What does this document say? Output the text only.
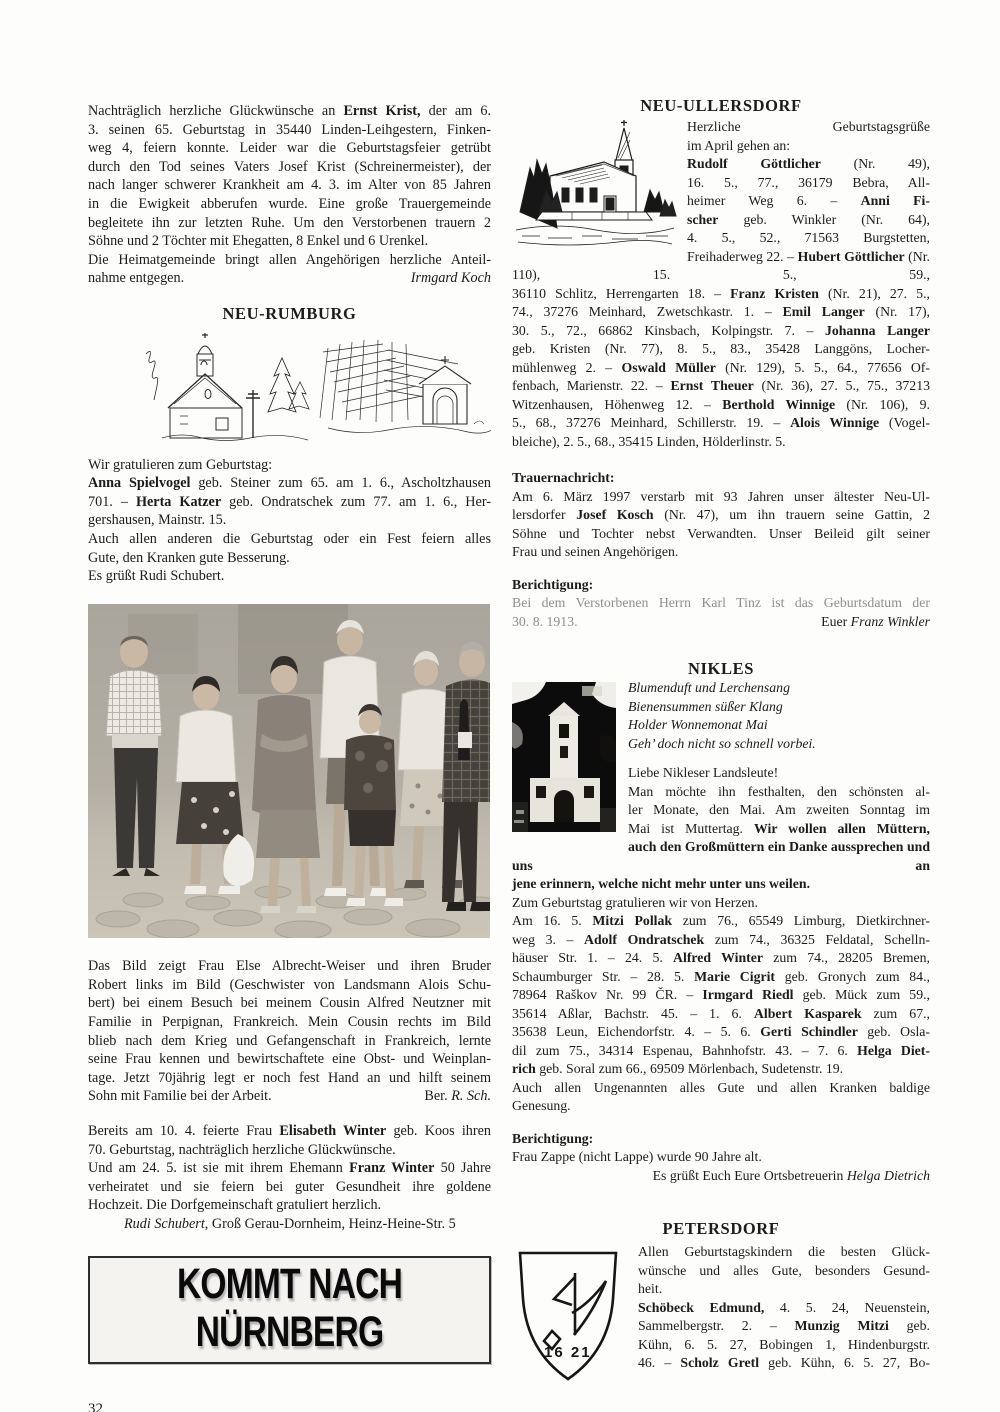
Nachträglich herzliche Glückwünsche an Ernst Krist, der am 6.
3. seinen 65. Geburtstag in 35440 Linden-Leihgestern, Finken-
weg 4, feiern konnte. Leider war die Geburtstagsfeier getrübt
durch den Tod seines Vaters Josef Krist (Schreinermeister), der
nach langer schwerer Krankheit am 4. 3. im Alter von 85 Jahren
in die Ewigkeit abberufen wurde. Eine große Trauergemeinde
begleitete ihn zur letzten Ruhe. Um den Verstorbenen trauern 2
Söhne und 2 Töchter mit Ehegatten, 8 Enkel und 6 Urenkel.
Die Heimatgemeinde bringt allen Angehörigen herzliche Anteil-
nahme entgegen.	Irmgard Koch
NEU-RUMBURG
Wir gratulieren zum Geburtstag:
Anna Spielvogel geb. Steiner zum 65. am 1. 6., Ascholtzhausen
701. – Herta Katzer geb. Ondratschek zum 77. am 1. 6., Her-
gershausen, Mainstr. 15.
Auch allen anderen die Geburtstag oder ein Fest feiern alles
Gute, den Kranken gute Besserung.
Es grüßt Rudi Schubert.
Das Bild zeigt Frau Else Albrecht-Weiser und ihren Bruder
Robert links im Bild (Geschwister von Landsmann Alois Schu-
bert) bei einem Besuch bei meinem Cousin Alfred Neutzner mit
Familie in Perpignan, Frankreich. Mein Cousin rechts im Bild
blieb nach dem Krieg und Gefangenschaft in Frankreich, lernte
seine Frau kennen und bewirtschaftete eine Obst- und Weinplan-
tage. Jetzt 70jährig legt er noch fest Hand an und hilft seinem
Sohn mit Familie bei der Arbeit.	Ber. R. Sch.
Bereits am 10. 4. feierte Frau Elisabeth Winter geb. Koos ihren
70. Geburtstag, nachträglich herzliche Glückwünsche.
Und am 24. 5. ist sie mit ihrem Ehemann Franz Winter 50 Jahre
verheiratet und sie feiern bei guter Gesundheit ihre goldene
Hochzeit. Die Dorfgemeinschaft gratuliert herzlich.
Rudi Schubert, Groß Gerau-Dornheim, Heinz-Heine-Str. 5
KOMMT NACH NÜRNBERG
32
NEU-ULLERSDORF
Herzliche Geburtstagsgrüße
im April gehen an:
Rudolf Göttlicher (Nr. 49),
16. 5., 77., 36179 Bebra, All-
heimer Weg 6. – Anni Fi-
scher geb. Winkler (Nr. 64),
4. 5., 52., 71563 Burgstetten,
Freihaderweg 22. – Hubert Göttlicher (Nr. 110), 15. 5., 59.,
36110 Schlitz, Herrengarten 18. – Franz Kristen (Nr. 21), 27. 5.,
74., 37276 Meinhard, Zwetschkastr. 1. – Emil Langer (Nr. 17),
30. 5., 72., 66862 Kinsbach, Kolpingstr. 7. – Johanna Langer
geb. Kristen (Nr. 77), 8. 5., 83., 35428 Langgöns, Locher-
mühlenweg 2. – Oswald Müller (Nr. 129), 5. 5., 64., 77656 Of-
fenbach, Marienstr. 22. – Ernst Theuer (Nr. 36), 27. 5., 75., 37213
Witzenhausen, Höhenweg 12. – Berthold Winnige (Nr. 106), 9.
5., 68., 37276 Meinhard, Schillerstr. 19. – Alois Winnige (Vogel-
bleiche), 2. 5., 68., 35415 Linden, Hölderlinstr. 5.
Trauernachricht:
Am 6. März 1997 verstarb mit 93 Jahren unser ältester Neu-Ul-
lersdorfer Josef Kosch (Nr. 47), um ihn trauern seine Gattin, 2
Söhne und Tochter nebst Verwandten. Unser Beileid gilt seiner
Frau und seinen Angehörigen.
Berichtigung:
Bei dem Verstorbenen Herrn Karl Tinz ist das Geburtsdatum der
30. 8. 1913.	Euer Franz Winkler
NIKLES
Blumenduft und Lerchensang
Bienensummen süßer Klang
Holder Wonnemonat Mai
Geh’ doch nicht so schnell vorbei.
Liebe Nikleser Landsleute!
Man möchte ihn festhalten, den schönsten al-
ler Monate, den Mai. Am zweiten Sonntag im
Mai ist Muttertag. Wir wollen allen Müttern,
auch den Großmüttern ein Danke aussprechen und uns an
jene erinnern, welche nicht mehr unter uns weilen.
Zum Geburtstag gratulieren wir von Herzen.
Am 16. 5. Mitzi Pollak zum 76., 65549 Limburg, Dietkirchner-
weg 3. – Adolf Ondratschek zum 74., 36325 Feldatal, Schelln-
häuser Str. 1. – 24. 5. Alfred Winter zum 74., 28205 Bremen,
Schaumburger Str. – 28. 5. Marie Cigrit geb. Gronych zum 84.,
78964 Raškov Nr. 99 ČR. – Irmgard Riedl geb. Mück zum 59.,
35614 Aßlar, Bachstr. 45. – 1. 6. Albert Kasparek zum 67.,
35638 Leun, Eichendorfstr. 4. – 5. 6. Gerti Schindler geb. Osla-
dil zum 75., 34314 Espenau, Bahnhofstr. 43. – 7. 6. Helga Diet-
rich geb. Soral zum 66., 69509 Mörlenbach, Sudetenstr. 19.
Auch allen Ungenannten alles Gute und allen Kranken baldige
Genesung.
Berichtigung:
Frau Zappe (nicht Lappe) wurde 90 Jahre alt.
Es grüßt Euch Eure Ortsbetreuerin Helga Dietrich
PETERSDORF
16 21
Allen Geburtstagskindern die besten Glück-
wünsche und alles Gute, besonders Gesund-
heit.
Schöbeck Edmund, 4. 5. 24, Neuenstein,
Sammelbergstr. 2. – Munzig Mitzi geb.
Kühn, 6. 5. 27, Bobingen 1, Hindenburgstr.
46. – Scholz Gretl geb. Kühn, 6. 5. 27, Bo-
